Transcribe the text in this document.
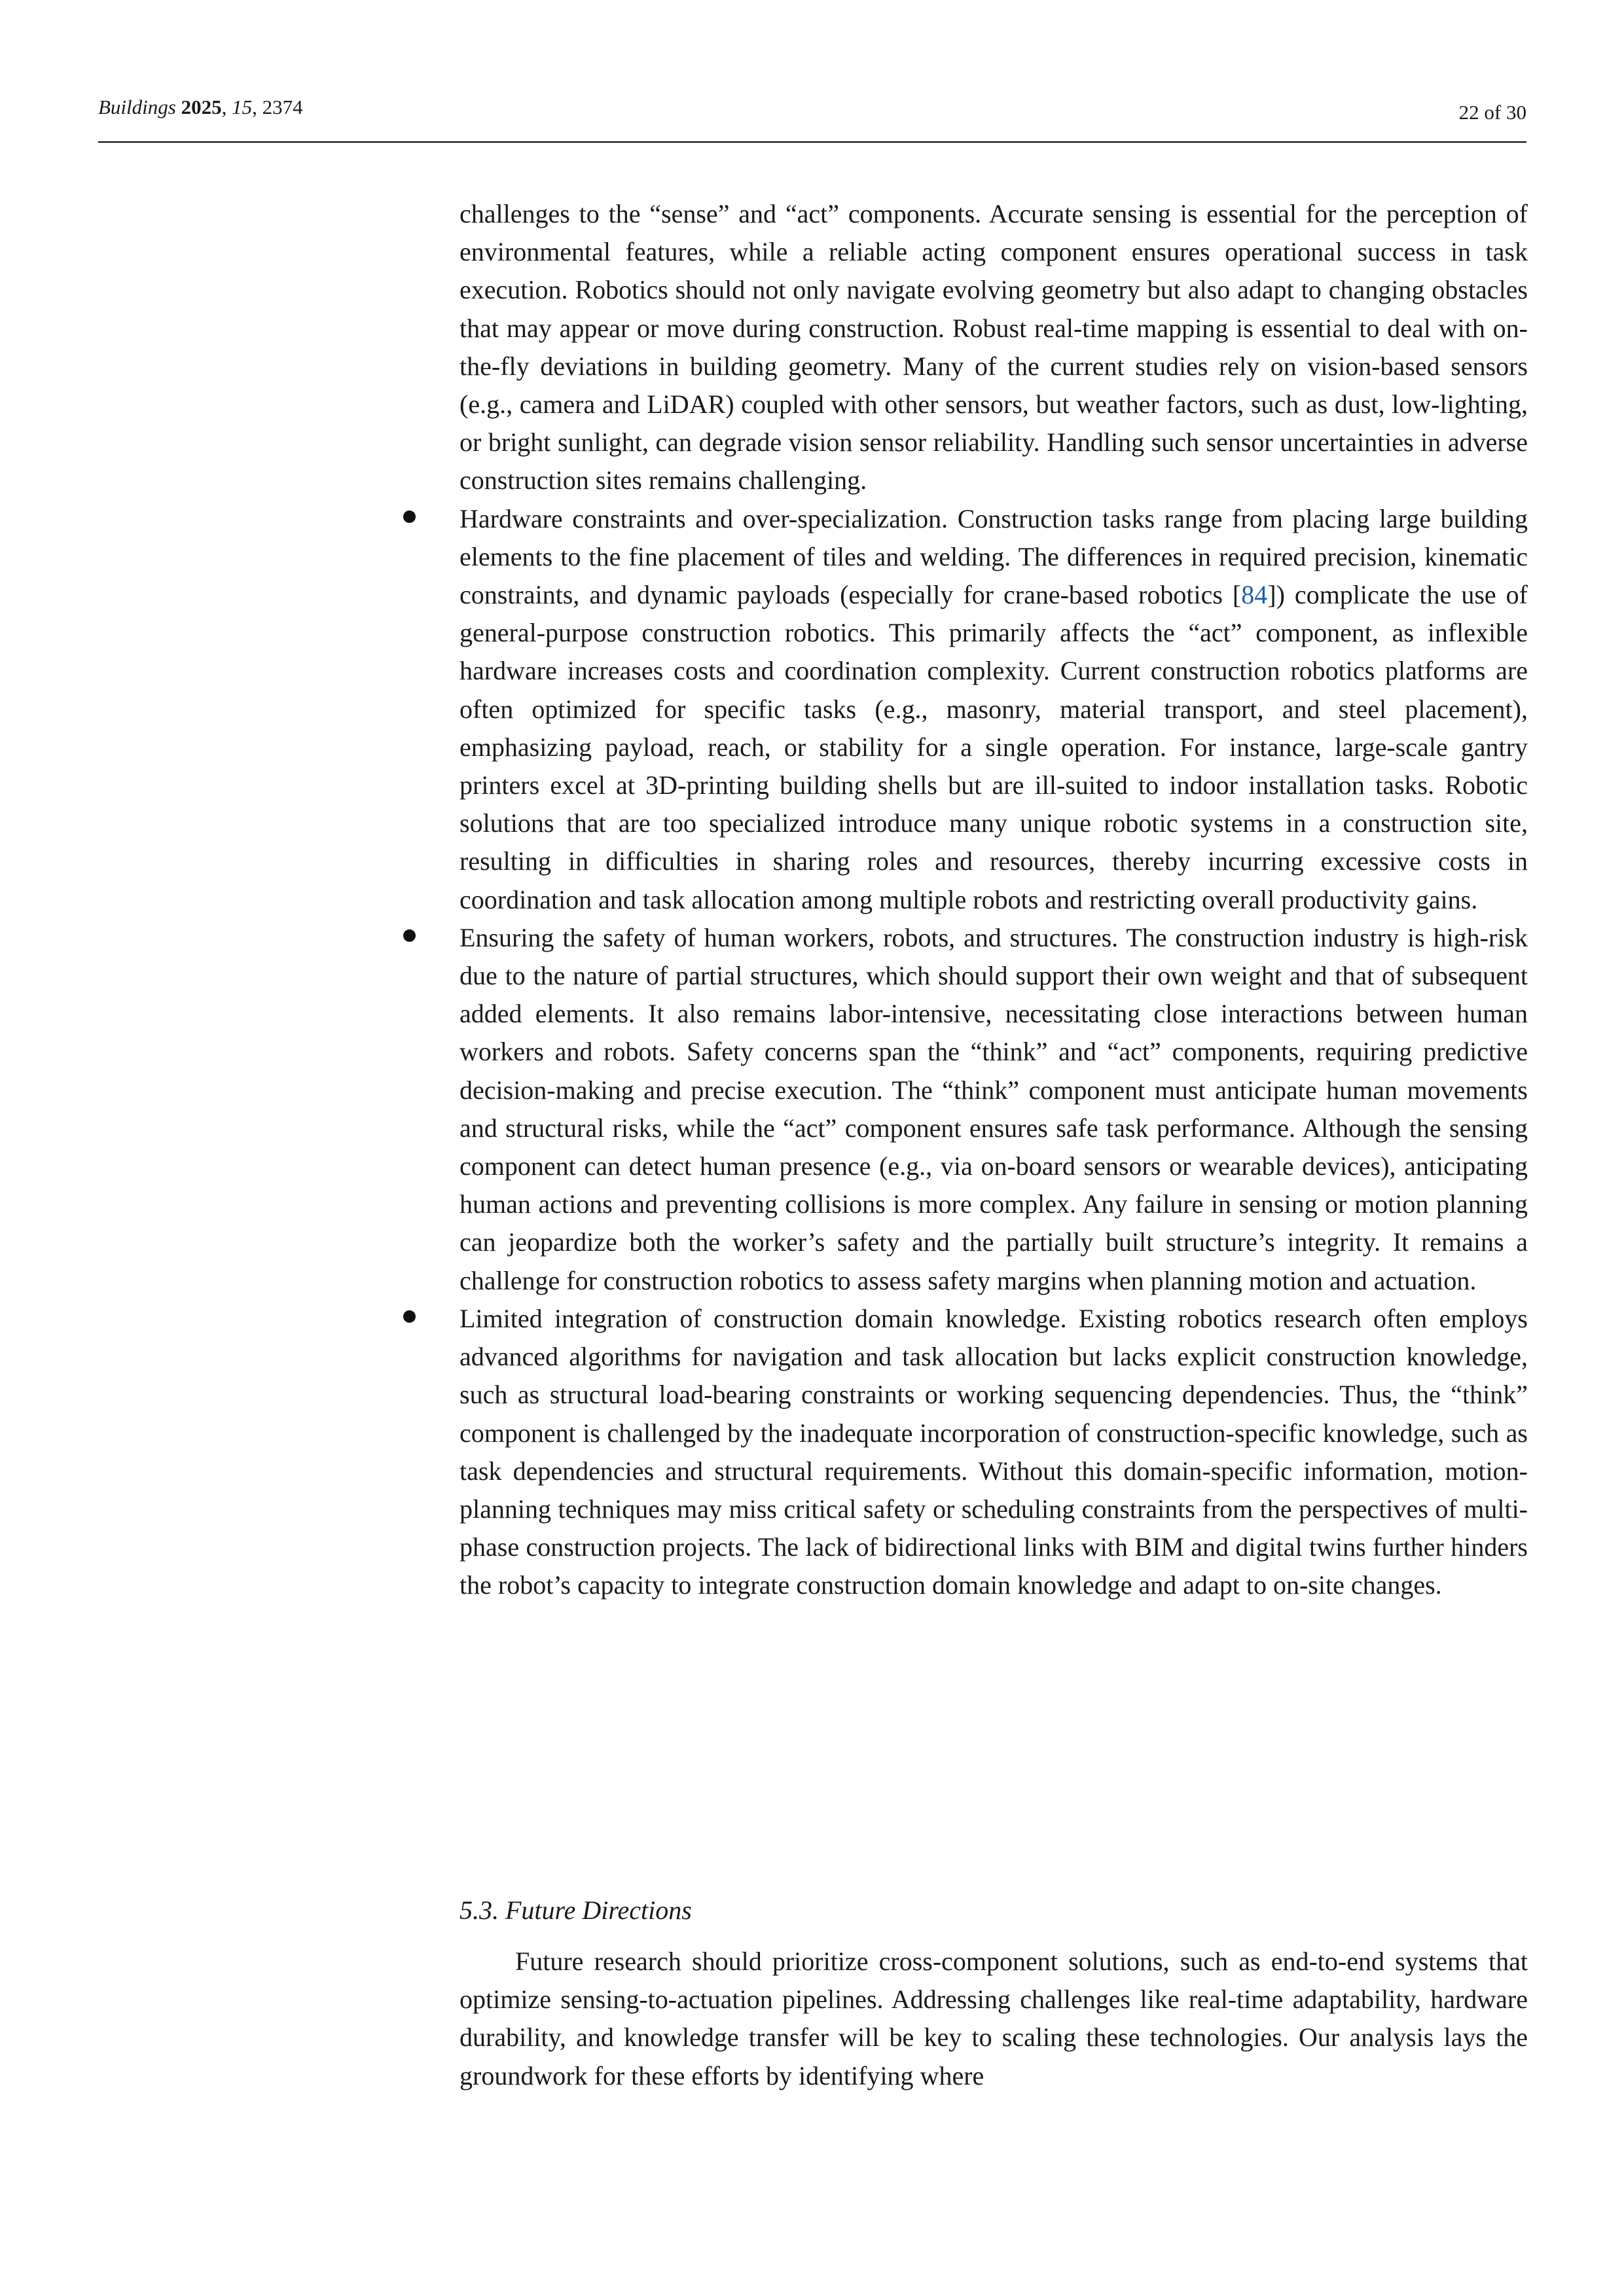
Buildings 2025, 15, 2374	22 of 30

challenges to the “sense” and “act” components. Accurate sensing is essential for the perception of environmental features, while a reliable acting component ensures operational success in task execution. Robotics should not only navigate evolving geometry but also adapt to changing obstacles that may appear or move during construction. Robust real-time mapping is essential to deal with on-the-fly deviations in building geometry. Many of the current studies rely on vision-based sensors (e.g., camera and LiDAR) coupled with other sensors, but weather factors, such as dust, low-lighting, or bright sunlight, can degrade vision sensor reliability. Handling such sensor uncertainties in adverse construction sites remains challenging.

Hardware constraints and over-specialization. Construction tasks range from placing large building elements to the fine placement of tiles and welding. The differences in required precision, kinematic constraints, and dynamic payloads (especially for crane-based robotics [84]) complicate the use of general-purpose construction robotics. This primarily affects the “act” component, as inflexible hardware increases costs and coordination complexity. Current construction robotics platforms are often optimized for specific tasks (e.g., masonry, material transport, and steel placement), emphasizing payload, reach, or stability for a single operation. For instance, large-scale gantry printers excel at 3D-printing building shells but are ill-suited to indoor installation tasks. Robotic solutions that are too specialized introduce many unique robotic systems in a construction site, resulting in difficulties in sharing roles and resources, thereby incurring excessive costs in coordination and task allocation among multiple robots and restricting overall productivity gains.

Ensuring the safety of human workers, robots, and structures. The construction industry is high-risk due to the nature of partial structures, which should support their own weight and that of subsequent added elements. It also remains labor-intensive, necessitating close interactions between human workers and robots. Safety concerns span the “think” and “act” components, requiring predictive decision-making and precise execution. The “think” component must anticipate human movements and structural risks, while the “act” component ensures safe task performance. Although the sensing component can detect human presence (e.g., via on-board sensors or wearable devices), anticipating human actions and preventing collisions is more complex. Any failure in sensing or motion planning can jeopardize both the worker’s safety and the partially built structure’s integrity. It remains a challenge for construction robotics to assess safety margins when planning motion and actuation.

Limited integration of construction domain knowledge. Existing robotics research often employs advanced algorithms for navigation and task allocation but lacks explicit construction knowledge, such as structural load-bearing constraints or working sequencing dependencies. Thus, the “think” component is challenged by the inadequate incorporation of construction-specific knowledge, such as task dependencies and structural requirements. Without this domain-specific information, motion-planning techniques may miss critical safety or scheduling constraints from the perspectives of multi-phase construction projects. The lack of bidirectional links with BIM and digital twins further hinders the robot’s capacity to integrate construction domain knowledge and adapt to on-site changes.

5.3. Future Directions

Future research should prioritize cross-component solutions, such as end-to-end systems that optimize sensing-to-actuation pipelines. Addressing challenges like real-time adaptability, hardware durability, and knowledge transfer will be key to scaling these technologies. Our analysis lays the groundwork for these efforts by identifying where
